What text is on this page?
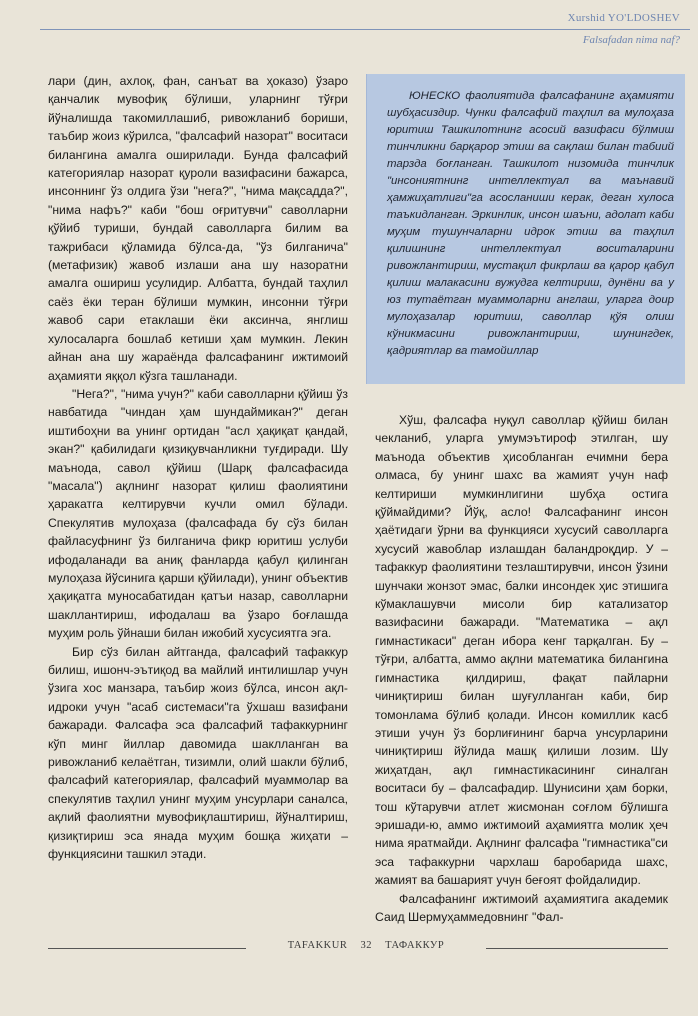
Xurshid YO'LDOSHEV
Falsafadan nima naf?

лари (дин, ахлоқ, фан, санъат ва ҳоказо) ўзаро қанчалик мувофиқ бўлиши, уларнинг тўғри йўналишда такомиллашиб, ривожланиб бориши, таъбир жоиз кўрилса, "фалсафий назорат" воситаси билангина амалга оширилади. Бунда фалсафий категориялар назорат қуроли вазифасини бажарса, инсоннинг ўз олдига ўзи "нега?", "нима мақсадда?", "нима нафъ?" каби "бош оғритувчи" саволларни қўйиб туриши, бундай саволларга билим ва тажрибаси қўламида бўлса-да, "ўз билганича" (метафизик) жавоб излаши ана шу назоратни амалга ошириш усулидир. Албатта, бундай таҳлил саёз ёки теран бўлиши мумкин, инсонни тўғри жавоб сари етаклаши ёки аксинча, янглиш хулосаларга бошлаб кетиши ҳам мумкин. Лекин айнан ана шу жараёнда фалсафанинг ижтимоий аҳамияти яққол кўзга ташланади.

"Нега?", "нима учун?" каби саволларни қўйиш ўз навбатида "чиндан ҳам шундаймикан?" деган иштибоҳни ва унинг ортидан "асл ҳақиқат қандай, экан?" қабилидаги қизиқувчанликни туғдиради. Шу маънода, савол қўйиш (Шарқ фалсафасида "масала") ақлнинг назорат қилиш фаолиятини ҳаракатга келтирувчи кучли омил бўлади. Спекулятив мулоҳаза (фалсафада бу сўз билан файласуфнинг ўз билганича фикр юритиш услуби ифодаланади ва аниқ фанларда қабул қилинган мулоҳаза йўсинига қарши қўйилади), унинг объектив ҳақиқатга муносабатидан қатъи назар, саволларни шакллантириш, ифодалаш ва ўзаро боғлашда муҳим роль ўйнаши билан ижобий хусусиятга эга.

Бир сўз билан айтганда, фалсафий тафаккур билиш, ишонч-эътиқод ва майлий интилишлар учун ўзига хос манзара, таъбир жоиз бўлса, инсон ақл-идроки учун "асаб системаси"га ўхшаш вазифани бажаради. Фалсафа эса фалсафий тафаккурнинг кўп минг йиллар давомида шаклланган ва ривожланиб келаётган, тизимли, олий шакли бўлиб, фалсафий категориялар, фалсафий муаммолар ва спекулятив таҳлил унинг муҳим унсурлари саналса, ақлий фаолиятни мувофиқлаштириш, йўналтириш, қизиқтириш эса янада муҳим бошқа жиҳати – функциясини ташкил этади.

ЮНЕСКО фаолиятида фалсафанинг аҳамияти шубҳасиздир. Чунки фалсафий таҳлил ва мулоҳаза юритиш Ташкилотнинг асосий вазифаси бўлмиш тинчликни барқарор этиш ва сақлаш билан табиий тарзда боғланган. Ташкилот низомида тинчлик "инсониятнинг интеллектуал ва маънавий ҳамжиҳатлиги"га асосланиши керак, деган хулоса таъкидланган. Эркинлик, инсон шаъни, адолат каби муҳим тушунчаларни идрок этиш ва таҳлил қилишнинг интеллектуал воситаларини ривожлантириш, мустақил фикрлаш ва қарор қабул қилиш малакасини вужудга келтириш, дунёни ва у юз тутаётган муаммоларни англаш, уларга доир мулоҳазалар юритиш, саволлар қўя олиш кўникмасини ривожлантириш, шунингдек, қадриятлар ва тамойиллар

Хўш, фалсафа нуқул саволлар қўйиш билан чекланиб, уларга умумэътироф этилган, шу маънода объектив ҳисобланган ечимни бера олмаса, бу унинг шахс ва жамият учун наф келтириши мумкинлигини шубҳа остига қўймайдими? Йўқ, асло! Фалсафанинг инсон ҳаётидаги ўрни ва функцияси хусусий саволларга хусусий жавоблар излашдан баландроқдир. У – тафаккур фаолиятини тезлаштирувчи, инсон ўзини шунчаки жонзот эмас, балки инсондек ҳис этишига кўмаклашувчи мисоли бир катализатор вазифасини бажаради. "Математика – ақл гимнастикаси" деган ибора кенг тарқалган. Бу – тўғри, албатта, аммо ақлни математика билангина гимнастика қилдириш, фақат пайларни чиниқтириш билан шуғулланган каби, бир томонлама бўлиб қолади. Инсон комиллик касб этиши учун ўз борлиғининг барча унсурларини чиниқтириш йўлида машқ қилиши лозим. Шу жиҳатдан, ақл гимнастикасининг синалган воситаси бу – фалсафадир. Шунисини ҳам борки, тош кўтарувчи атлет жисмонан соғлом бўлишга эришади-ю, аммо ижтимоий аҳамиятга молик ҳеч нима яратмайди. Ақлнинг фалсафа "гимнастика"си эса тафаккурни чархлаш баробарида шахс, жамият ва башарият учун беғоят фойдалидир.

Фалсафанинг ижтимоий аҳамиятига академик Саид Шермуҳаммедовнинг "Фал-

TAFAKKUR 32 ТАФАККУР
